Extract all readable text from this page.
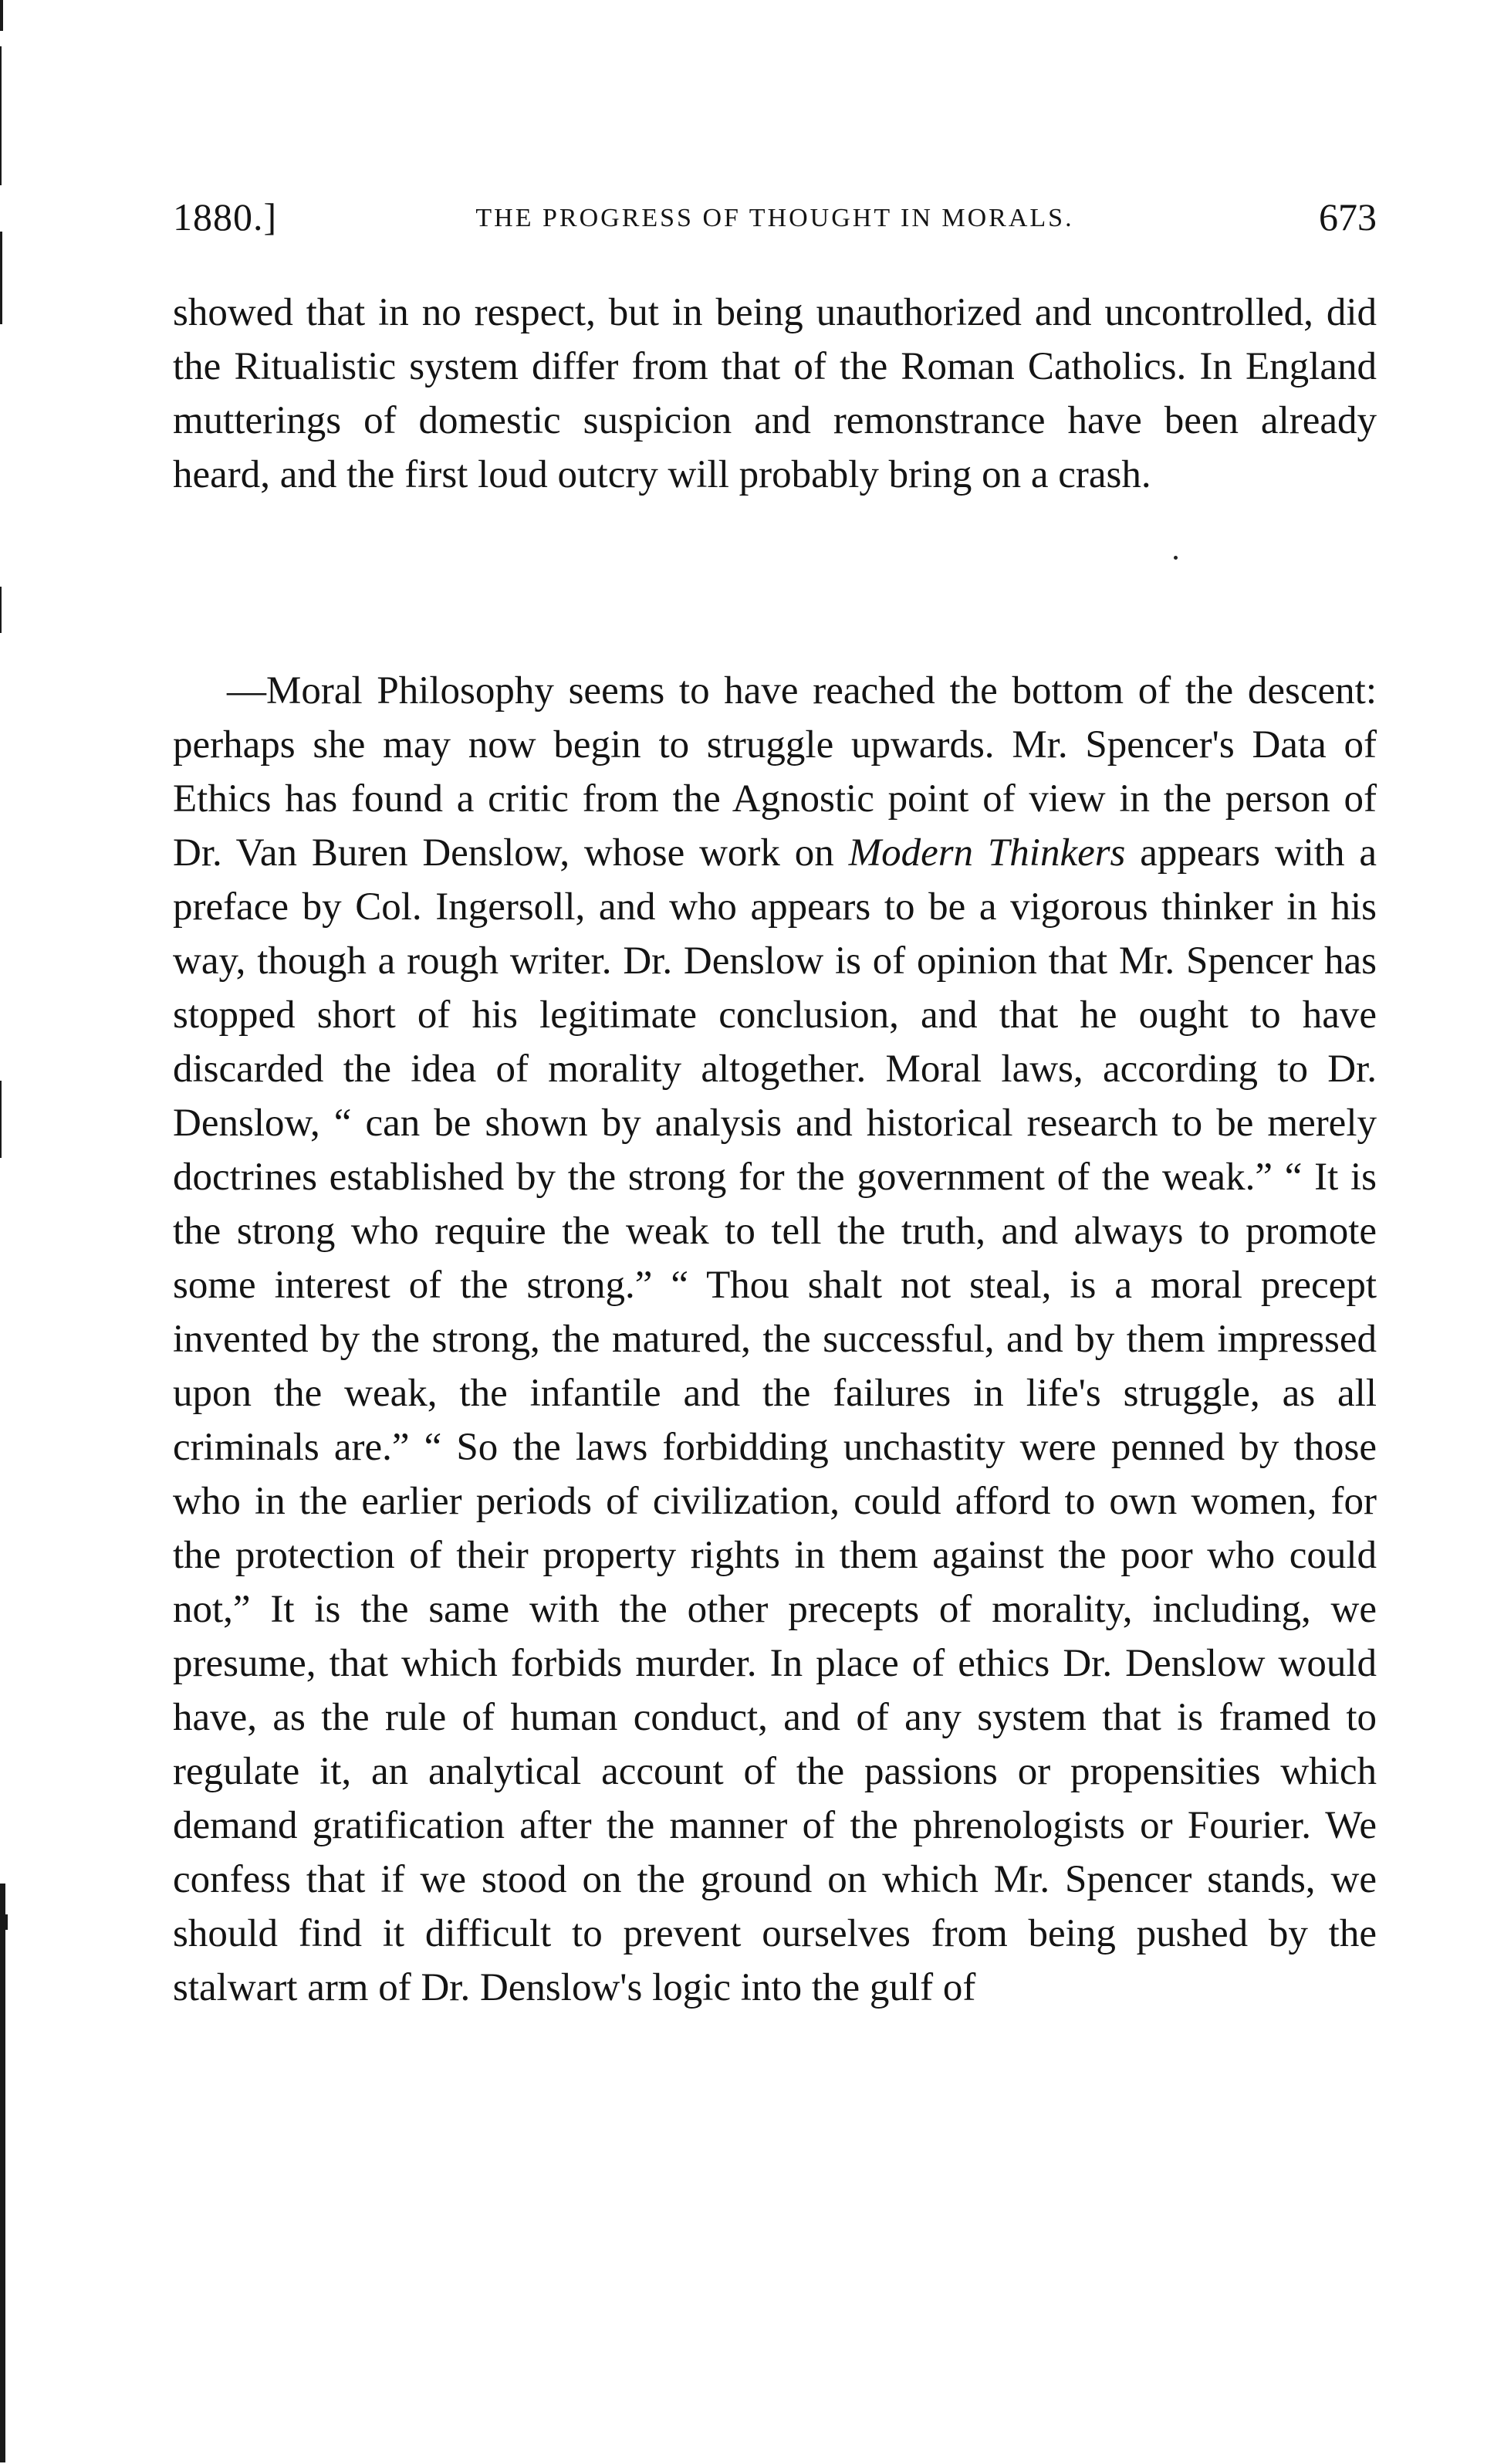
1880.]	THE PROGRESS OF THOUGHT IN MORALS.	673

showed that in no respect, but in being unauthorized and uncontrolled, did the Ritualistic system differ from that of the Roman Catholics. In England mutterings of domestic suspicion and remonstrance have been already heard, and the first loud outcry will probably bring on a crash.

—Moral Philosophy seems to have reached the bottom of the descent: perhaps she may now begin to struggle upwards. Mr. Spencer's Data of Ethics has found a critic from the Agnostic point of view in the person of Dr. Van Buren Denslow, whose work on Modern Thinkers appears with a preface by Col. Ingersoll, and who appears to be a vigorous thinker in his way, though a rough writer. Dr. Denslow is of opinion that Mr. Spencer has stopped short of his legitimate conclusion, and that he ought to have discarded the idea of morality altogether. Moral laws, according to Dr. Denslow, “ can be shown by analysis and historical research to be merely doctrines established by the strong for the government of the weak.” “ It is the strong who require the weak to tell the truth, and always to promote some interest of the strong.” “ Thou shalt not steal, is a moral precept invented by the strong, the matured, the successful, and by them impressed upon the weak, the infantile and the failures in life's struggle, as all criminals are.” “ So the laws forbidding unchastity were penned by those who in the earlier periods of civilization, could afford to own women, for the protection of their property rights in them against the poor who could not,” It is the same with the other precepts of morality, including, we presume, that which forbids murder. In place of ethics Dr. Denslow would have, as the rule of human conduct, and of any system that is framed to regulate it, an analytical account of the passions or propensities which demand gratification after the manner of the phrenologists or Fourier. We confess that if we stood on the ground on which Mr. Spencer stands, we should find it difficult to prevent ourselves from being pushed by the stalwart arm of Dr. Denslow's logic into the gulf of
